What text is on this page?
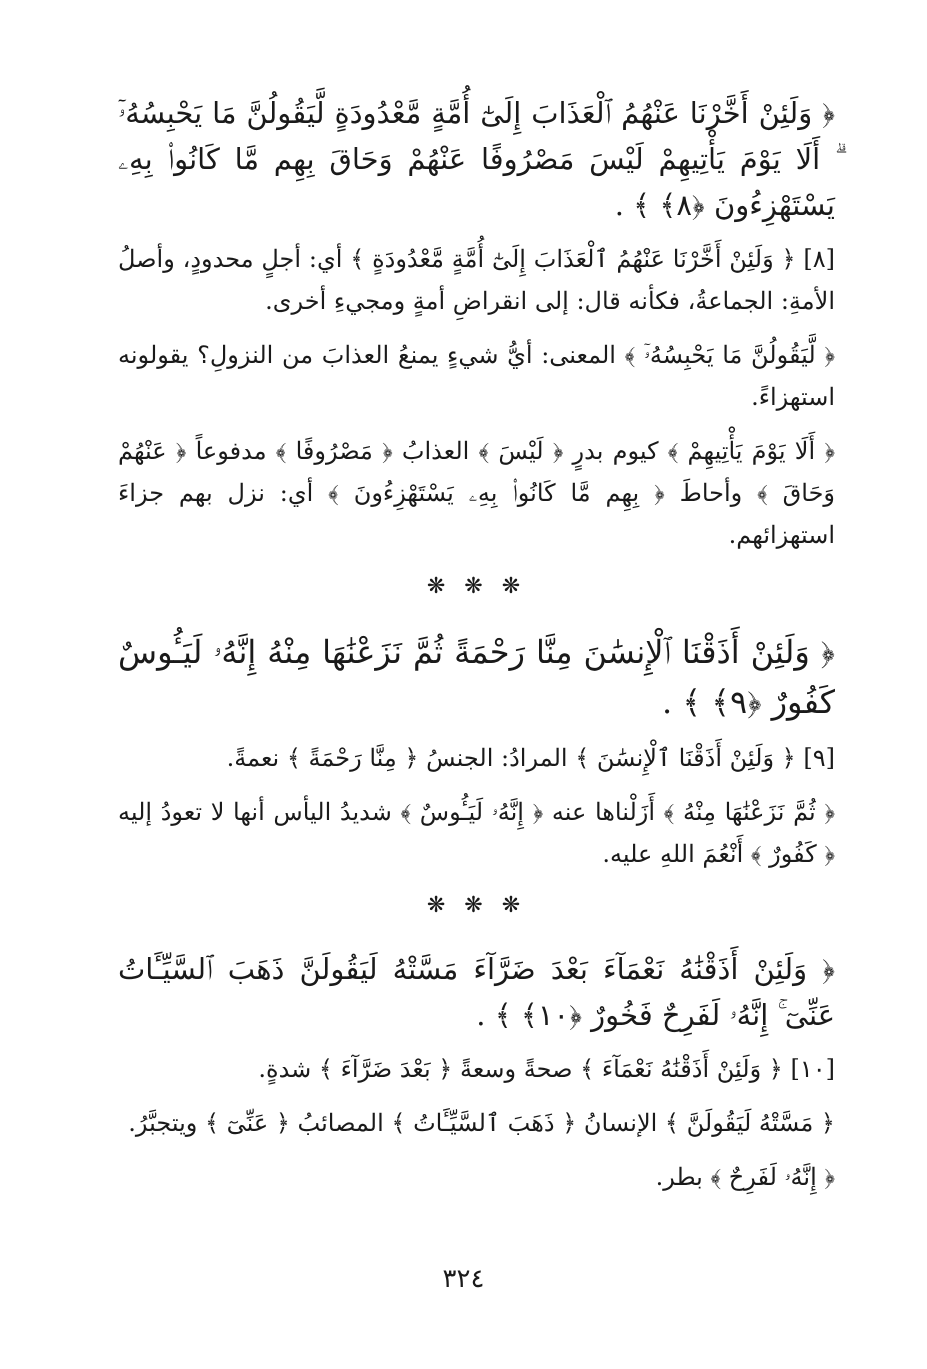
﴿ وَلَئِنْ أَخَّرْنَا عَنْهُمُ ٱلْعَذَابَ إِلَىٰٓ أُمَّةٍ مَّعْدُودَةٍ لَّيَقُولُنَّ مَا يَحْبِسُهُۥٓ ۗ أَلَا يَوْمَ يَأْتِيهِمْ لَيْسَ مَصْرُوفًا عَنْهُمْ وَحَاقَ بِهِم مَّا كَانُوا۟ بِهِۦ يَسْتَهْزِءُونَ ﴿٨﴾ ﴾ .

[٨] ﴿ وَلَئِنْ أَخَّرْنَا عَنْهُمُ ٱلْعَذَابَ إِلَىٰٓ أُمَّةٍ مَّعْدُودَةٍ ﴾ أي: أجلٍ محدودٍ، وأصلُ الأمةِ: الجماعةُ، فكأنه قال: إلى انقراضِ أمةٍ ومجيءِ أخرى.

﴿ لَّيَقُولُنَّ مَا يَحْبِسُهُۥٓ ﴾ المعنى: أيُّ شيءٍ يمنعُ العذابَ من النزولِ؟ يقولونه استهزاءً.

﴿ أَلَا يَوْمَ يَأْتِيهِمْ ﴾ كيوم بدرٍ ﴿ لَيْسَ ﴾ العذابُ ﴿ مَصْرُوفًا ﴾ مدفوعاً ﴿ عَنْهُمْ وَحَاقَ ﴾ وأحاطَ ﴿ بِهِم مَّا كَانُوا۟ بِهِۦ يَسْتَهْزِءُونَ ﴾ أي: نزل بهم جزاءَ استهزائهم.

❋ ❋ ❋

﴿ وَلَئِنْ أَذَقْنَا ٱلْإِنسَٰنَ مِنَّا رَحْمَةً ثُمَّ نَزَعْنَٰهَا مِنْهُ إِنَّهُۥ لَيَـُٔوسٌ كَفُورٌ ﴿٩﴾ ﴾ .

[٩] ﴿ وَلَئِنْ أَذَقْنَا ٱلْإِنسَٰنَ ﴾ المرادُ: الجنسُ ﴿ مِنَّا رَحْمَةً ﴾ نعمةً.

﴿ ثُمَّ نَزَعْنَٰهَا مِنْهُ ﴾ أَزَلْناها عنه ﴿ إِنَّهُۥ لَيَـُٔوسٌ ﴾ شديدُ اليأس أنها لا تعودُ إليه ﴿ كَفُورٌ ﴾ أَنْعُمَ اللهِ عليه.

❋ ❋ ❋

﴿ وَلَئِنْ أَذَقْنَٰهُ نَعْمَآءَ بَعْدَ ضَرَّآءَ مَسَّتْهُ لَيَقُولَنَّ ذَهَبَ ٱلسَّيِّـَٔاتُ عَنِّىٓ ۚ إِنَّهُۥ لَفَرِحٌ فَخُورٌ ﴿١٠﴾ ﴾ .

[١٠] ﴿ وَلَئِنْ أَذَقْنَٰهُ نَعْمَآءَ ﴾ صحةً وسعةً ﴿ بَعْدَ ضَرَّآءَ ﴾ شدةٍ.

﴿ مَسَّتْهُ لَيَقُولَنَّ ﴾ الإنسانُ ﴿ ذَهَبَ ٱلسَّيِّـَٔاتُ ﴾ المصائبُ ﴿ عَنِّىٓ ﴾ ويتجبَّرُ.

﴿ إِنَّهُۥ لَفَرِحٌ ﴾ بطر.

٣٢٤
